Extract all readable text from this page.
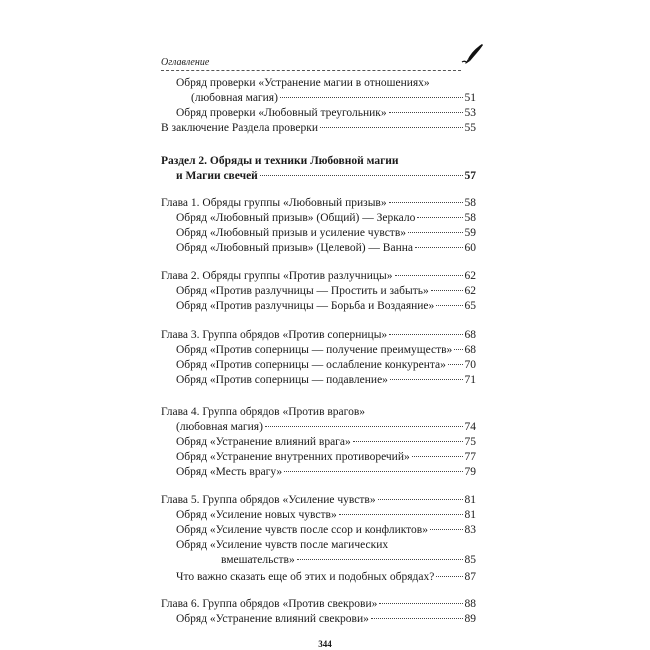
Оглавление
Обряд проверки «Устранение магии в отношениях»
(любовная магия)	51
Обряд проверки «Любовный треугольник»	53
В заключение Раздела проверки	55
Раздел 2. Обряды и техники Любовной магии
и Магии свечей	57
Глава 1. Обряды группы «Любовный призыв»	58
Обряд «Любовный призыв» (Общий) — Зеркало	58
Обряд «Любовный призыв и усиление чувств»	59
Обряд «Любовный призыв» (Целевой) — Ванна	60
Глава 2. Обряды группы «Против разлучницы»	62
Обряд «Против разлучницы — Простить и забыть»	62
Обряд «Против разлучницы — Борьба и Воздаяние»	65
Глава 3. Группа обрядов «Против соперницы»	68
Обряд «Против соперницы — получение преимуществ» 68
Обряд «Против соперницы — ослабление конкурента» 70
Обряд «Против соперницы — подавление»	71
Глава 4. Группа обрядов «Против врагов»
(любовная магия)	74
Обряд «Устранение влияний врага»	75
Обряд «Устранение внутренних противоречий»	77
Обряд «Месть врагу»	79
Глава 5. Группа обрядов «Усиление чувств»	81
Обряд «Усиление новых чувств»	81
Обряд «Усиление чувств после ссор и конфликтов»	83
Обряд «Усиление чувств после магических
вмешательств»	85
Что важно сказать еще об этих и подобных обрядах?	87
Глава 6. Группа обрядов «Против свекрови»	88
Обряд «Устранение влияний свекрови»	89
344
